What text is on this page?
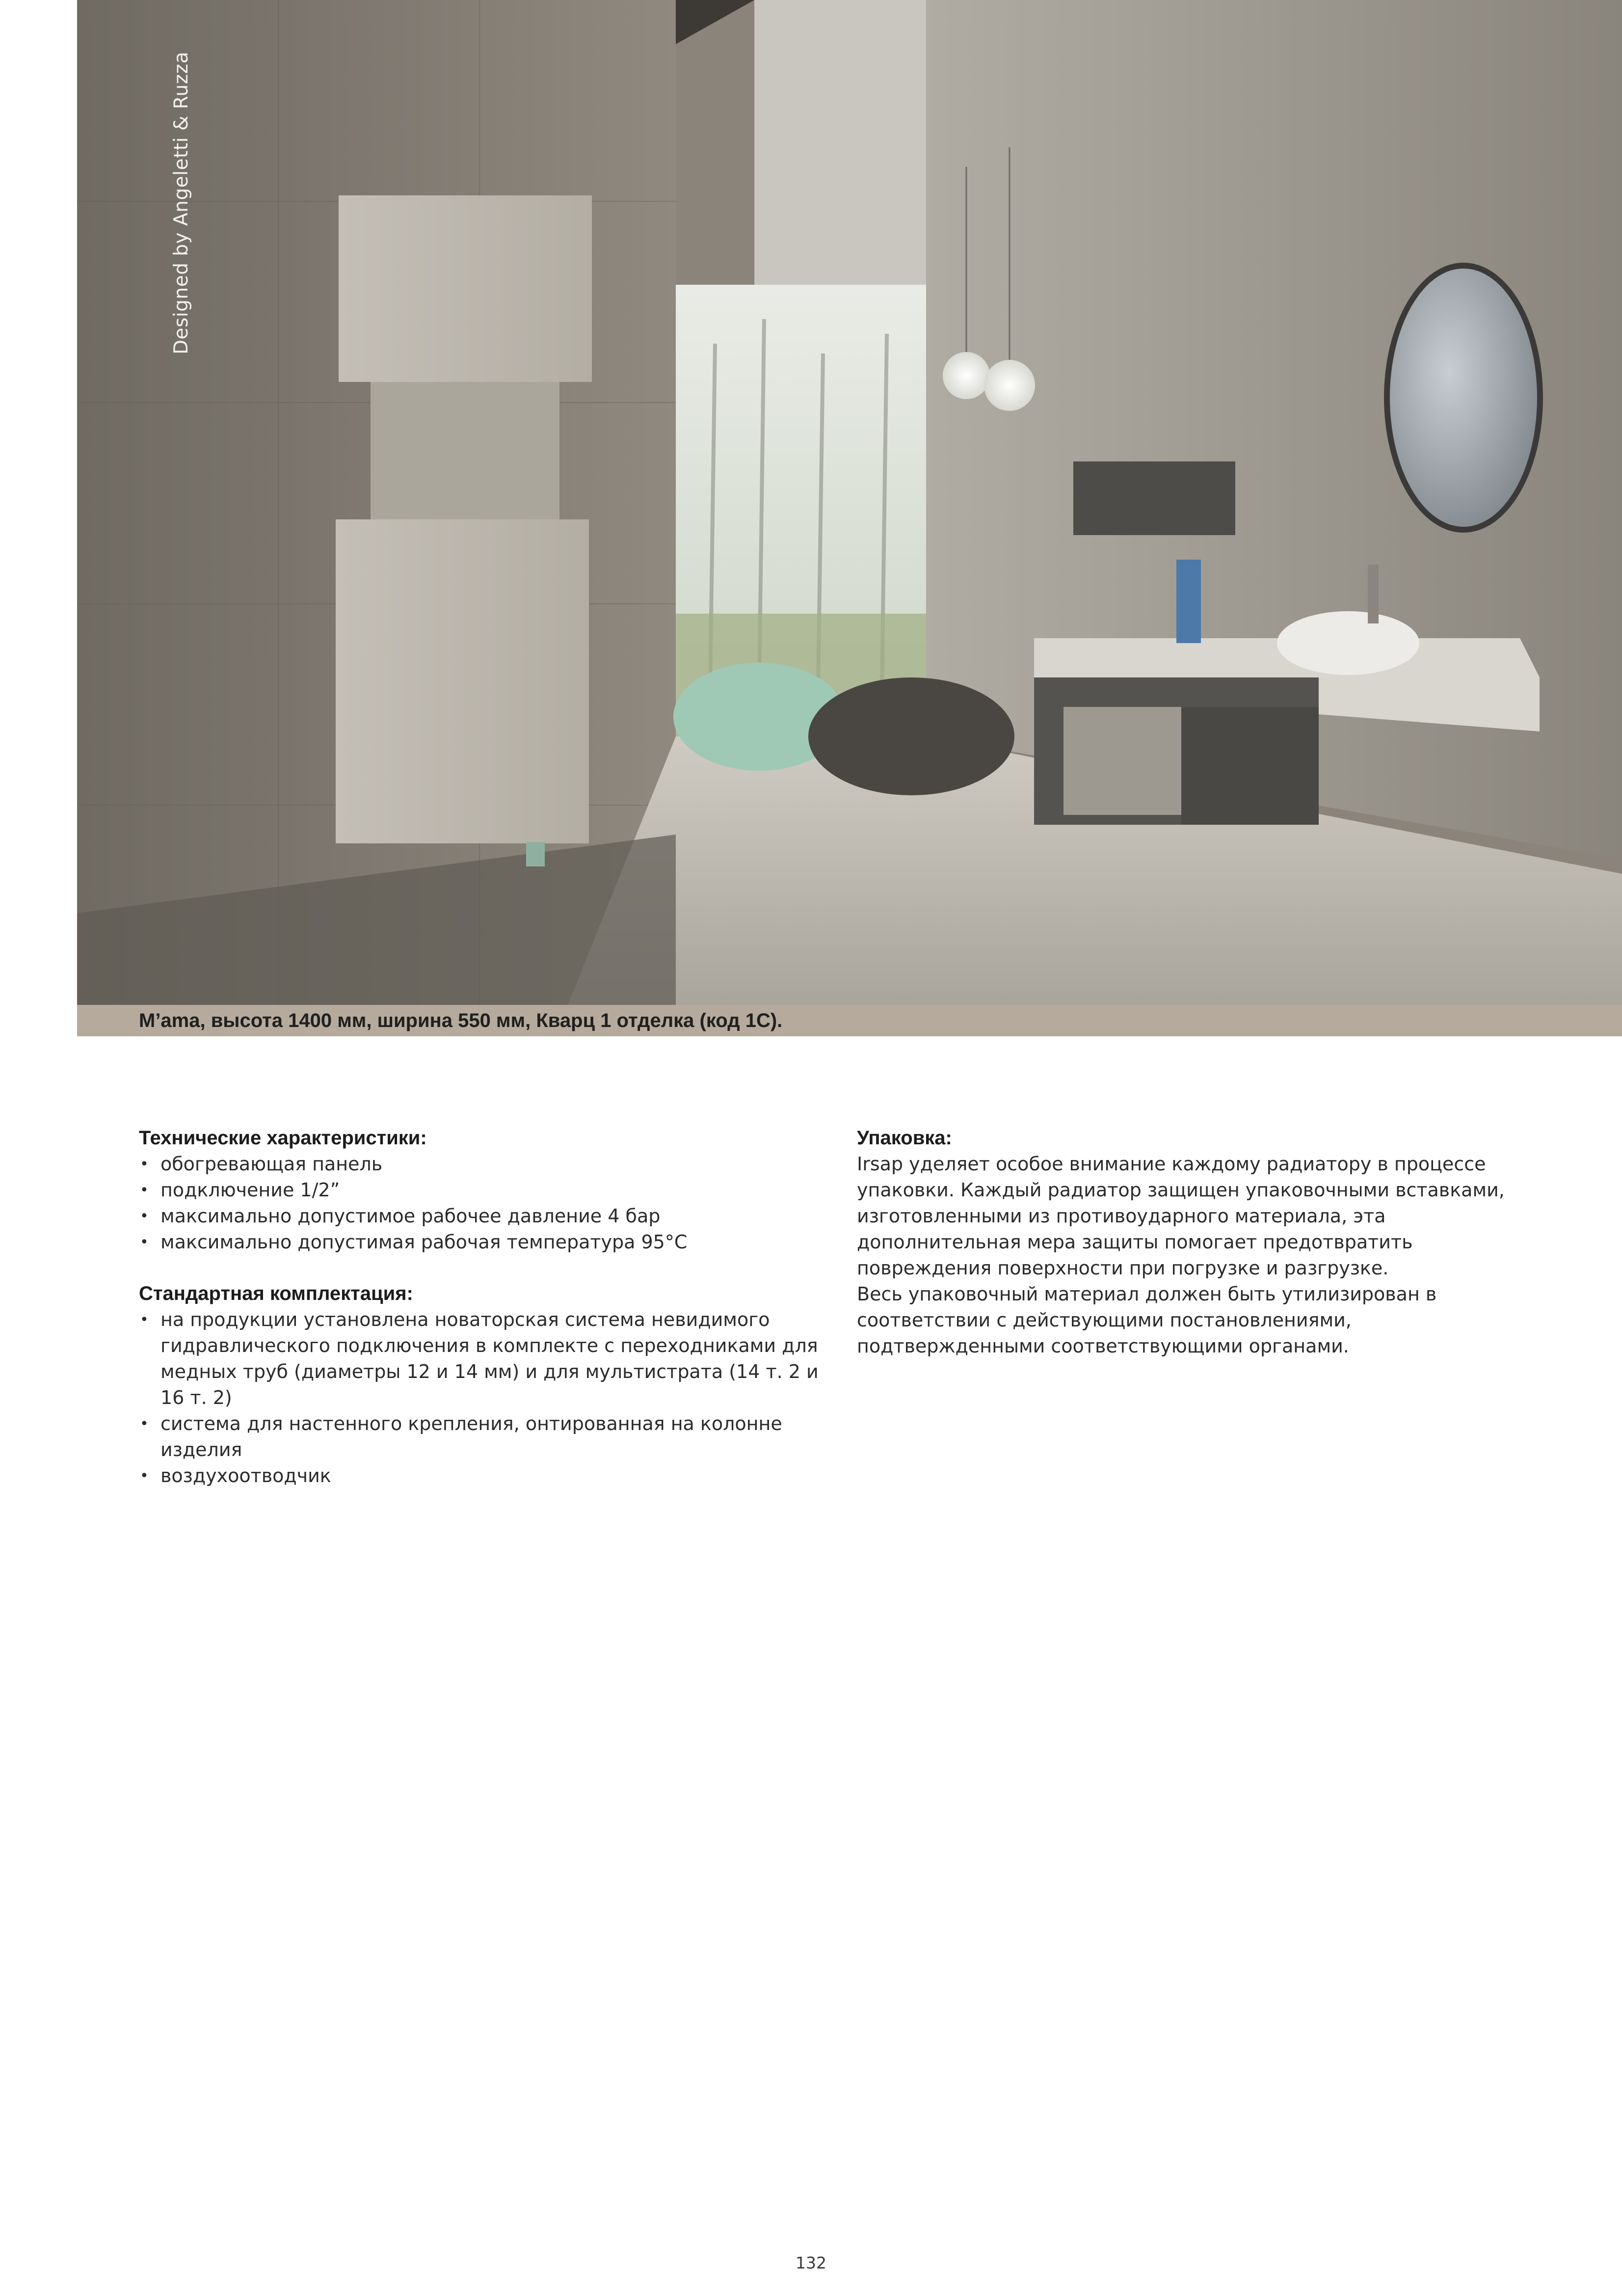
Designed by Angeletti & Ruzza
M’ama, высота 1400 мм, ширина 550 мм, Кварц 1 отделка (код 1C).
Технические характеристики:
• обогревающая панель
• подключение 1/2”
• максимально допустимое рабочее давление 4 бар
• максимально допустимая рабочая температура 95°C
Стандартная комплектация:
• на продукции установлена новаторская система невидимого гидравлического подключения в комплекте с переходниками для медных труб (диаметры 12 и 14 мм) и для мультистрата (14 т. 2 и 16 т. 2)
• система для настенного крепления, онтированная на колонне изделия
• воздухоотводчик
Упаковка:

Irsap уделяет особое внимание каждому радиатору в процессе упаковки. Каждый радиатор защищен упаковочными вставками, изготовленными из противоударного материала, эта дополнительная мера защиты помогает предотвратить повреждения поверхности при погрузке и разгрузке.

Весь упаковочный материал должен быть утилизирован в соответствии с действующими постановлениями, подтвержденными соответствующими органами.

132
